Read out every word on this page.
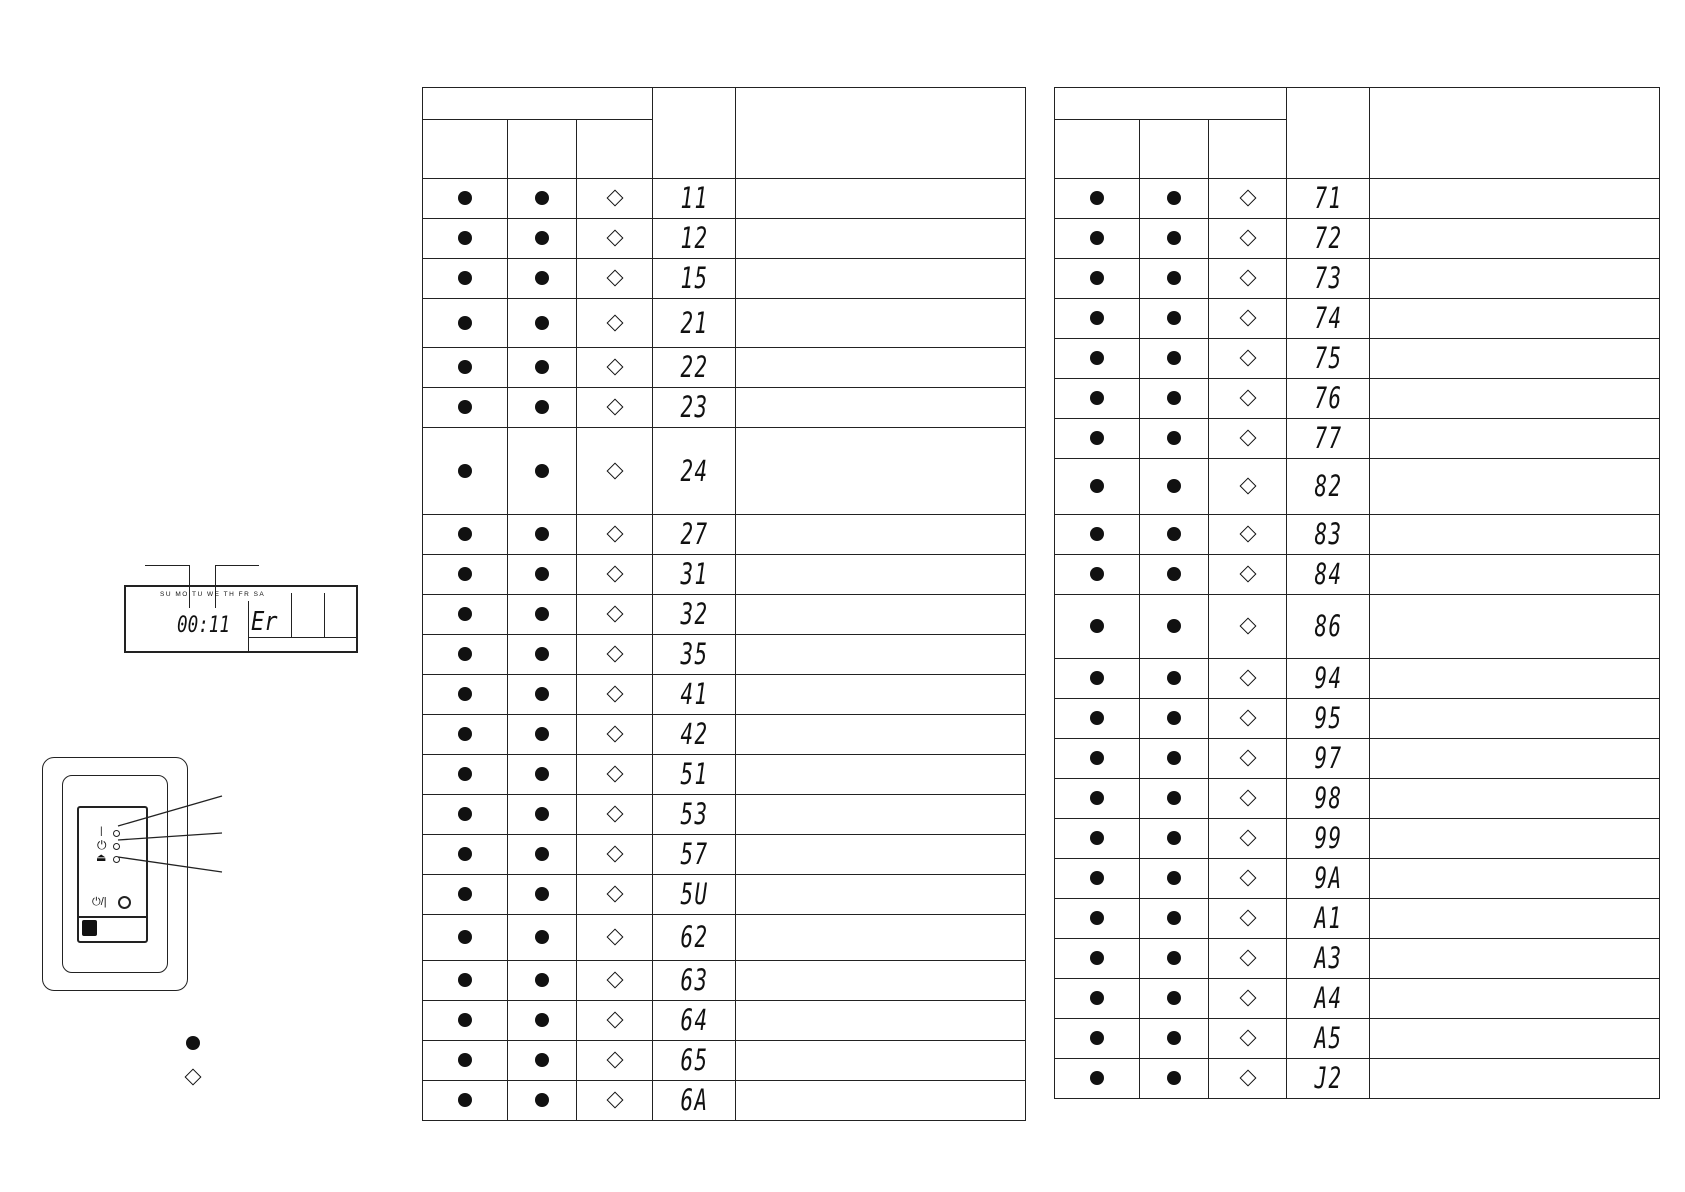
			11	
			12	
			15	
			21	
			22	
			23	
			24	
			27	
			31	
			32	
			35	
			41	
			42	
			51	
			53	
			57	
			5U	
			62	
			63	
			64	
			65	
			6A	

			71	
			72	
			73	
			74	
			75	
			76	
			77	
			82	
			83	
			84	
			86	
			94	
			95	
			97	
			98	
			99	
			9A	
			A1	
			A3	
			A4	
			A5	
			J2	
SU MO TU WE TH FR SA
00:11 Er
|
⏻
⏏
⏻/|
